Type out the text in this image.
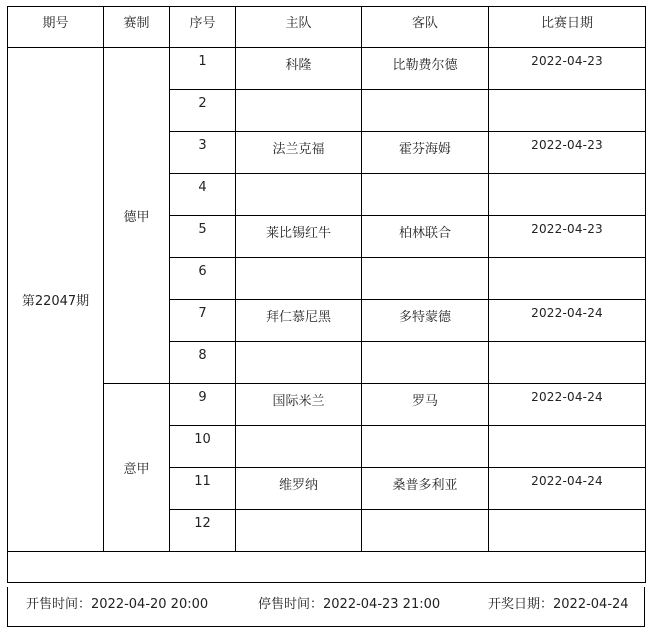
期号	赛制	序号	主队	客队	比赛日期
第22047期	德甲	1	科隆	比勒费尔德	2022-04-23
		2			
		3	法兰克福	霍芬海姆	2022-04-23
		4			
		5	莱比锡红牛	柏林联合	2022-04-23
		6			
		7	拜仁慕尼黑	多特蒙德	2022-04-24
		8			
	意甲	9	国际米兰	罗马	2022-04-24
		10			
		11	维罗纳	桑普多利亚	2022-04-24
		12			

开售时间：2022-04-20 20:00	停售时间：2022-04-23 21:00	开奖日期：2022-04-24
